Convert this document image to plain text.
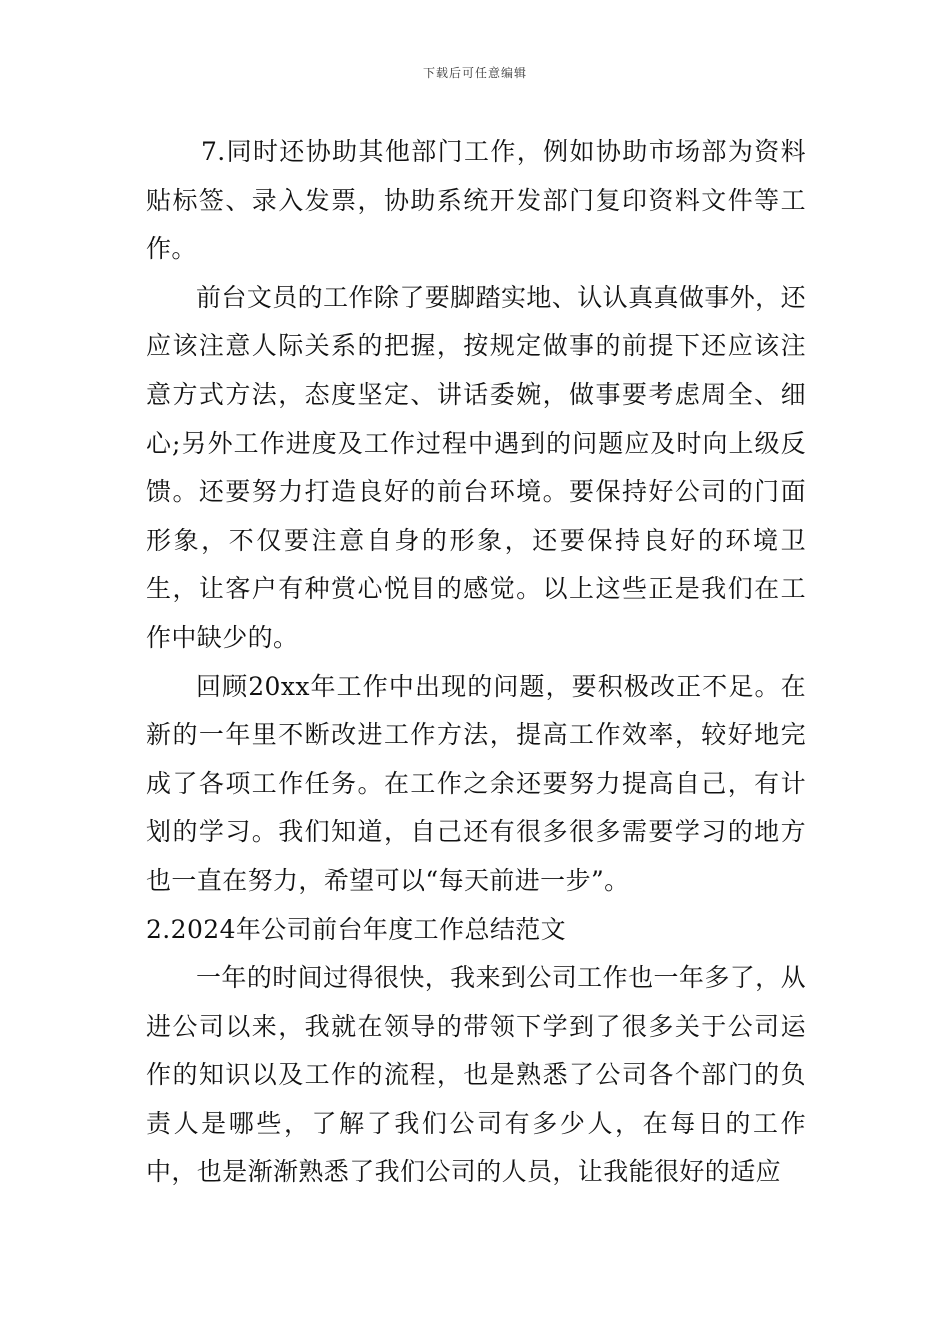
下载后可任意编辑

7.同时还协助其他部门工作，例如协助市场部为资料贴标签、录入发票，协助系统开发部门复印资料文件等工作。

前台文员的工作除了要脚踏实地、认认真真做事外，还应该注意人际关系的把握，按规定做事的前提下还应该注意方式方法，态度坚定、讲话委婉，做事要考虑周全、细心;另外工作进度及工作过程中遇到的问题应及时向上级反馈。还要努力打造良好的前台环境。要保持好公司的门面形象，不仅要注意自身的形象，还要保持良好的环境卫生，让客户有种赏心悦目的感觉。以上这些正是我们在工作中缺少的。

回顾20xx年工作中出现的问题，要积极改正不足。在新的一年里不断改进工作方法，提高工作效率，较好地完成了各项工作任务。在工作之余还要努力提高自己，有计划的学习。我们知道，自己还有很多很多需要学习的地方也一直在努力，希望可以“每天前进一步”。

2.2024年公司前台年度工作总结范文

一年的时间过得很快，我来到公司工作也一年多了，从进公司以来，我就在领导的带领下学到了很多关于公司运作的知识以及工作的流程，也是熟悉了公司各个部门的负责人是哪些，了解了我们公司有多少人，在每日的工作中，也是渐渐熟悉了我们公司的人员，让我能很好的适应
